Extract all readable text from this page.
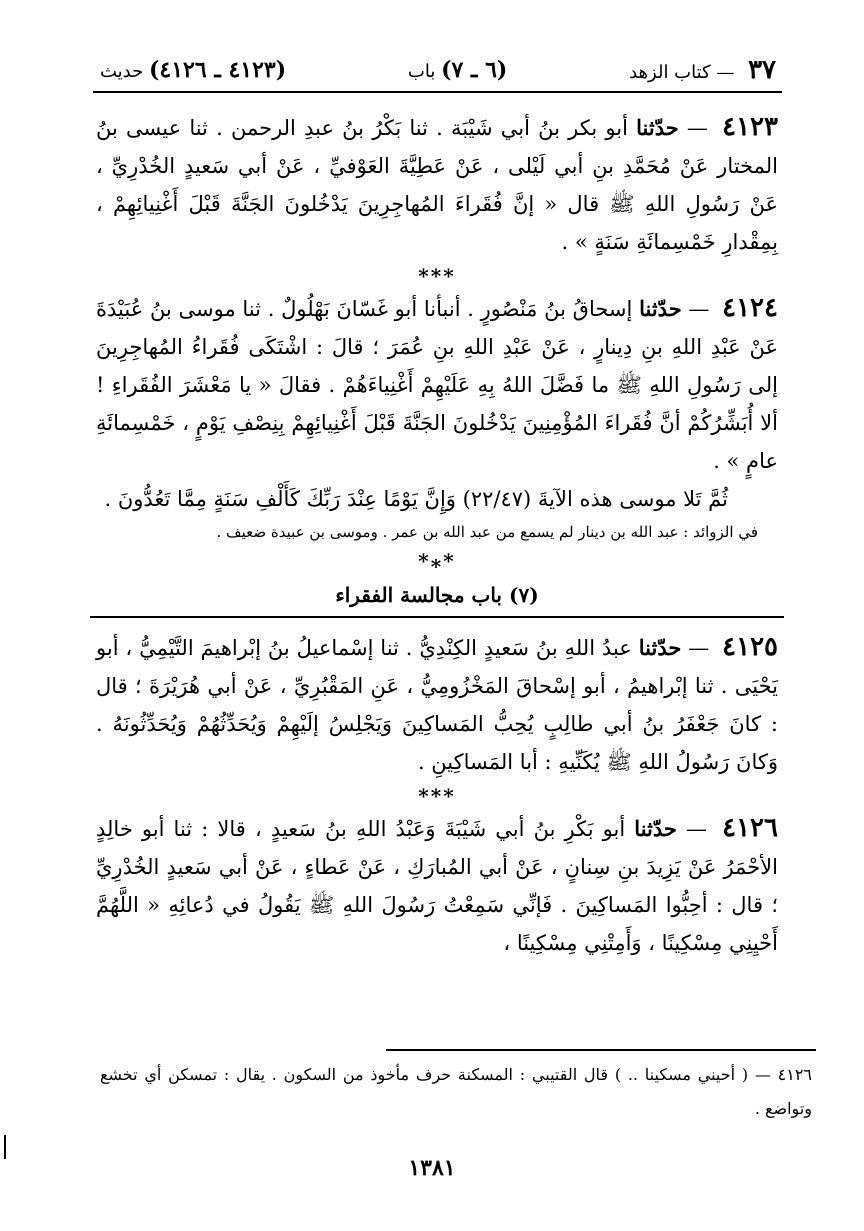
٣٧ — كتاب الزهد
(٦ ـ ٧) باب
(٤١٢٣ ـ ٤١٢٦) حديث

٤١٢٣ — حدّثنا أبو بكر بنُ أبي شَيْبَة . ثنا بَكْرُ بنُ عبدِ الرحمن . ثنا عيسى بنُ المختار عَنْ مُحَمَّدِ بنِ أبي لَيْلى ، عَنْ عَطِيَّةَ العَوْفيِّ ، عَنْ أبي سَعيدٍ الخُدْرِيِّ ، عَنْ رَسُولِ اللهِ ﷺ قال « إنَّ فُقَراءَ المُهاجِرِينَ يَدْخُلونَ الجَنَّةَ قَبْلَ أَغْنِيائِهِمْ ، بِمِقْدارِ خَمْسِمائَةِ سَنَةٍ » .

***

٤١٢٤ — حدّثنا إسحاقُ بنُ مَنْصُورٍ . أنبأنا أبو غَسّانَ بَهْلُولٌ . ثنا موسى بنُ عُبَيْدَةَ عَنْ عَبْدِ اللهِ بنِ دِينارٍ ، عَنْ عَبْدِ اللهِ بنِ عُمَرَ ؛ قالَ : اشْتَكَى فُقَراءُ المُهاجِرِينَ إلى رَسُولِ اللهِ ﷺ ما فَضَّلَ اللهُ بِهِ عَلَيْهِمْ أَغْنِياءَهُمْ . فقالَ « يا مَعْشَرَ الفُقَراءِ ! ألا أُبَشِّرُكُمْ أنَّ فُقَراءَ المُؤْمِنِينَ يَدْخُلونَ الجَنَّةَ قَبْلَ أَغْنِيائِهِمْ بِنِصْفِ يَوْمٍ ، خَمْسِمائَةِ عامٍ » .

ثُمَّ تَلا موسى هذه الآيةَ (٢٢/٤٧) وَإِنَّ يَوْمًا عِنْدَ رَبِّكَ كَأَلْفِ سَنَةٍ مِمَّا تَعُدُّونَ .

في الزوائد : عبد الله بن دينار لم يسمع من عبد الله بن عمر . وموسى بن عبيدة ضعيف .

*⁎*
(٧) باب مجالسة الفقراء

٤١٢٥ — حدّثنا عبدُ اللهِ بنُ سَعيدٍ الكِنْدِيُّ . ثنا إسْماعيلُ بنُ إبْراهيمَ التَّيْمِيُّ ، أبو يَحْيَى . ثنا إبْراهيمُ ، أبو إسْحاقَ المَخْزُومِيُّ ، عَنِ المَقْبُرِيِّ ، عَنْ أبي هُرَيْرَةَ ؛ قال : كانَ جَعْفَرُ بنُ أبي طالِبٍ يُحِبُّ المَساكِينَ وَيَجْلِسُ إلَيْهِمْ وَيُحَدِّثُهُمْ وَيُحَدِّثُونَهُ . وَكانَ رَسُولُ اللهِ ﷺ يُكَنِّيهِ : أبا المَساكِينِ .

***

٤١٢٦ — حدّثنا أبو بَكْرِ بنُ أبي شَيْبَةَ وَعَبْدُ اللهِ بنُ سَعيدٍ ، قالا : ثنا أبو خالِدٍ الأحْمَرُ عَنْ يَزِيدَ بنِ سِنانٍ ، عَنْ أبي المُبارَكِ ، عَنْ عَطاءٍ ، عَنْ أبي سَعيدٍ الخُدْرِيِّ ؛ قال : أحِبُّوا المَساكِينَ . فَإنِّي سَمِعْتُ رَسُولَ اللهِ ﷺ يَقُولُ في دُعائِهِ « اللَّهُمَّ أَحْيِنِي مِسْكِينًا ، وَأَمِتْنِي مِسْكِينًا ،

٤١٢٦ — ( أحيني مسكينا .. ) قال القتيبي : المسكنة حرف مأخوذ من السكون . يقال : تمسكن أي تخشع وتواضع .
١٣٨١
